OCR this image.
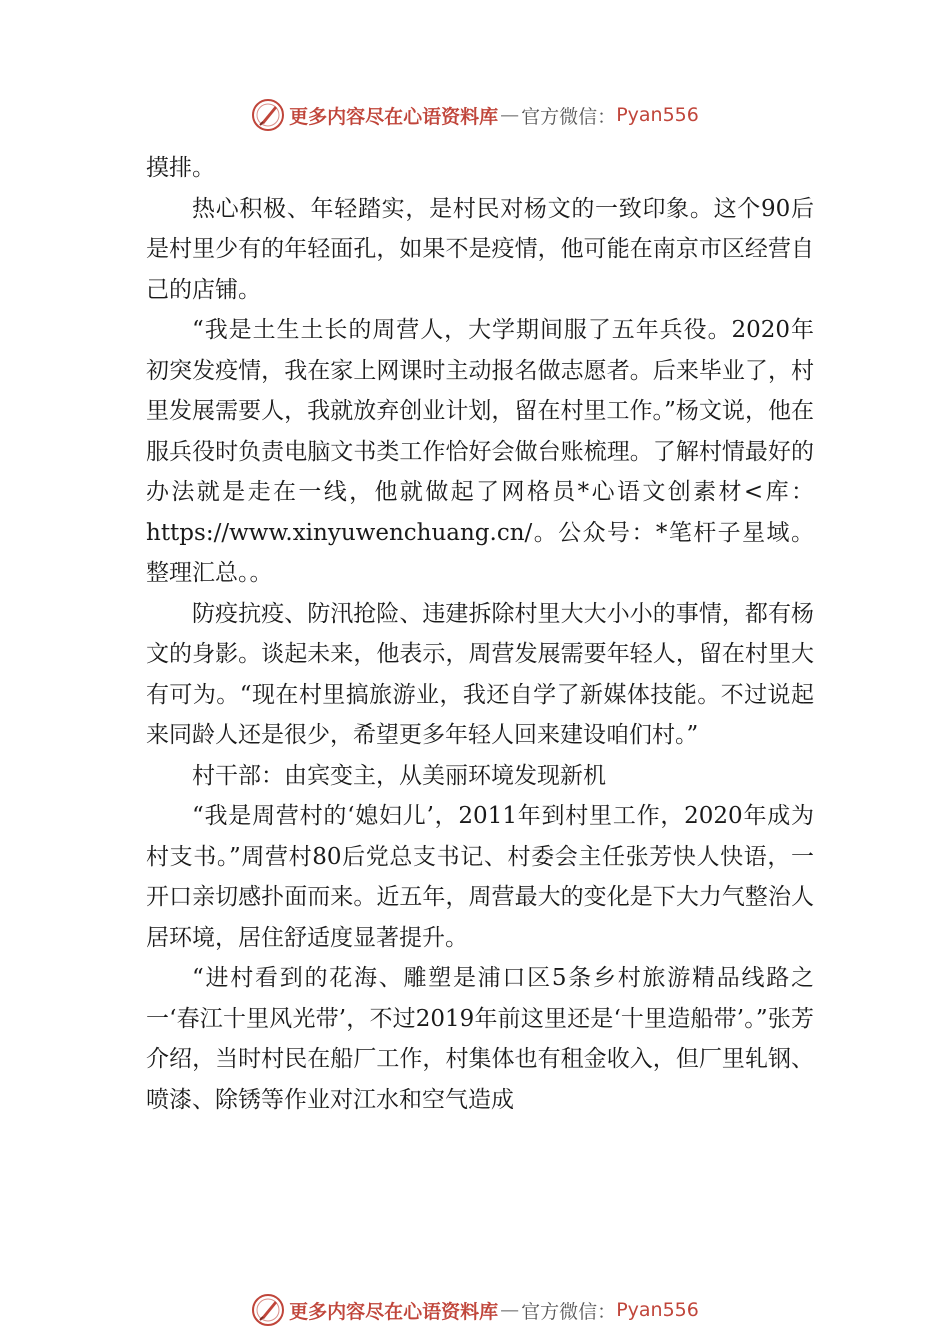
更多内容尽在心语资料库 — 官方微信： Pyan556

摸排。

热心积极、年轻踏实，是村民对杨文的一致印象。这个90后是村里少有的年轻面孔，如果不是疫情，他可能在南京市区经营自己的店铺。

“我是土生土长的周营人，大学期间服了五年兵役。2020年初突发疫情，我在家上网课时主动报名做志愿者。后来毕业了，村里发展需要人，我就放弃创业计划，留在村里工作。”杨文说，他在服兵役时负责电脑文书类工作恰好会做台账梳理。了解村情最好的办法就是走在一线，他就做起了网格员*心语文创素材<库：https://www.xinyuwenchuang.cn/。公众号：*笔杆子星域。整理汇总。。

防疫抗疫、防汛抢险、违建拆除村里大大小小的事情，都有杨文的身影。谈起未来，他表示，周营发展需要年轻人，留在村里大有可为。“现在村里搞旅游业，我还自学了新媒体技能。不过说起来同龄人还是很少，希望更多年轻人回来建设咱们村。”

村干部：由宾变主，从美丽环境发现新机

“我是周营村的‘媳妇儿’，2011年到村里工作，2020年成为村支书。”周营村80后党总支书记、村委会主任张芳快人快语，一开口亲切感扑面而来。近五年，周营最大的变化是下大力气整治人居环境，居住舒适度显著提升。

“进村看到的花海、雕塑是浦口区5条乡村旅游精品线路之一‘春江十里风光带’，不过2019年前这里还是‘十里造船带’。”张芳介绍，当时村民在船厂工作，村集体也有租金收入，但厂里轧钢、喷漆、除锈等作业对江水和空气造成

更多内容尽在心语资料库 — 官方微信： Pyan556
